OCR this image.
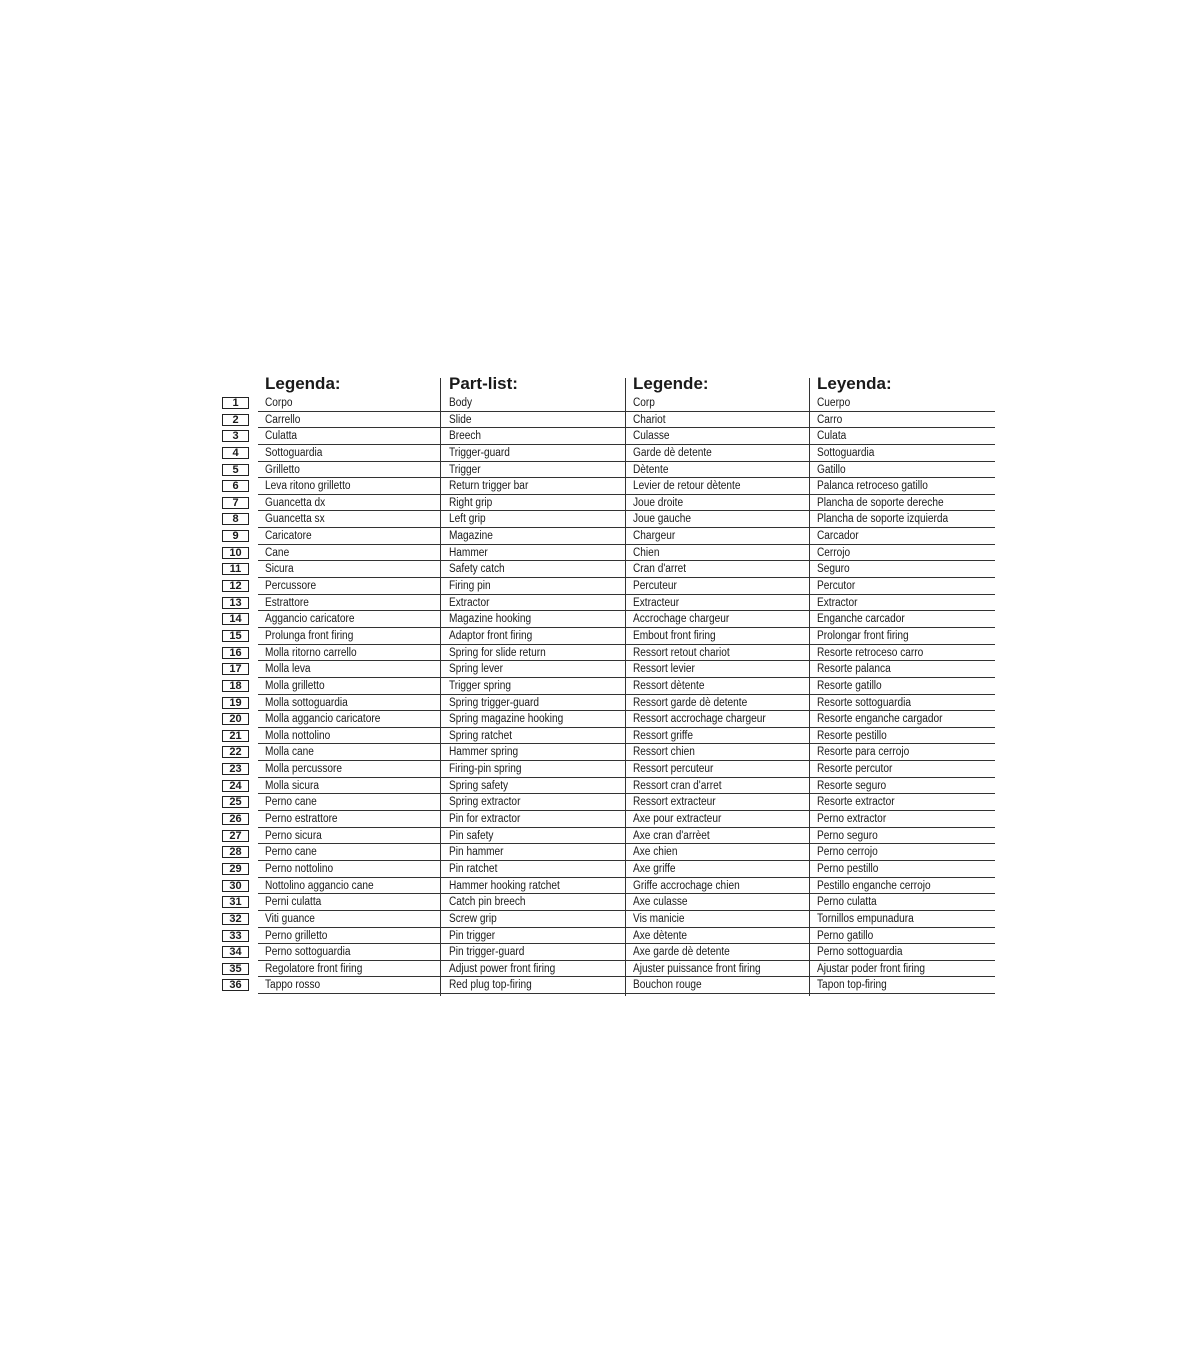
Legenda:	Part-list:	Legende:	Leyenda:
1	Corpo	Body	Corp	Cuerpo
2	Carrello	Slide	Chariot	Carro
3	Culatta	Breech	Culasse	Culata
4	Sottoguardia	Trigger-guard	Garde dè detente	Sottoguardia
5	Grilletto	Trigger	Dètente	Gatillo
6	Leva ritono grilletto	Return trigger bar	Levier de retour dètente	Palanca retroceso gatillo
7	Guancetta dx	Right grip	Joue droite	Plancha de soporte dereche
8	Guancetta sx	Left grip	Joue gauche	Plancha de soporte izquierda
9	Caricatore	Magazine	Chargeur	Carcador
10	Cane	Hammer	Chien	Cerrojo
11	Sicura	Safety catch	Cran d'arret	Seguro
12	Percussore	Firing pin	Percuteur	Percutor
13	Estrattore	Extractor	Extracteur	Extractor
14	Aggancio caricatore	Magazine hooking	Accrochage chargeur	Enganche carcador
15	Prolunga front firing	Adaptor front firing	Embout front firing	Prolongar front firing
16	Molla ritorno carrello	Spring for slide return	Ressort retout chariot	Resorte retroceso carro
17	Molla leva	Spring lever	Ressort levier	Resorte palanca
18	Molla grilletto	Trigger spring	Ressort dètente	Resorte gatillo
19	Molla sottoguardia	Spring trigger-guard	Ressort garde dè detente	Resorte sottoguardia
20	Molla aggancio caricatore	Spring magazine hooking	Ressort accrochage chargeur	Resorte enganche cargador
21	Molla nottolino	Spring ratchet	Ressort griffe	Resorte pestillo
22	Molla cane	Hammer spring	Ressort chien	Resorte para cerrojo
23	Molla percussore	Firing-pin spring	Ressort percuteur	Resorte percutor
24	Molla sicura	Spring safety	Ressort cran d'arret	Resorte seguro
25	Perno cane	Spring extractor	Ressort extracteur	Resorte extractor
26	Perno estrattore	Pin for extractor	Axe pour extracteur	Perno extractor
27	Perno sicura	Pin safety	Axe cran d'arrèet	Perno seguro
28	Perno cane	Pin hammer	Axe chien	Perno cerrojo
29	Perno nottolino	Pin ratchet	Axe griffe	Perno pestillo
30	Nottolino aggancio cane	Hammer hooking ratchet	Griffe accrochage chien	Pestillo enganche cerrojo
31	Perni culatta	Catch pin breech	Axe culasse	Perno culatta
32	Viti guance	Screw grip	Vis manicie	Tornillos empunadura
33	Perno grilletto	Pin trigger	Axe dètente	Perno gatillo
34	Perno sottoguardia	Pin trigger-guard	Axe garde dè detente	Perno sottoguardia
35	Regolatore front firing	Adjust power front firing	Ajuster puissance front firing	Ajustar poder front firing
36	Tappo rosso	Red plug top-firing	Bouchon rouge	Tapon top-firing
